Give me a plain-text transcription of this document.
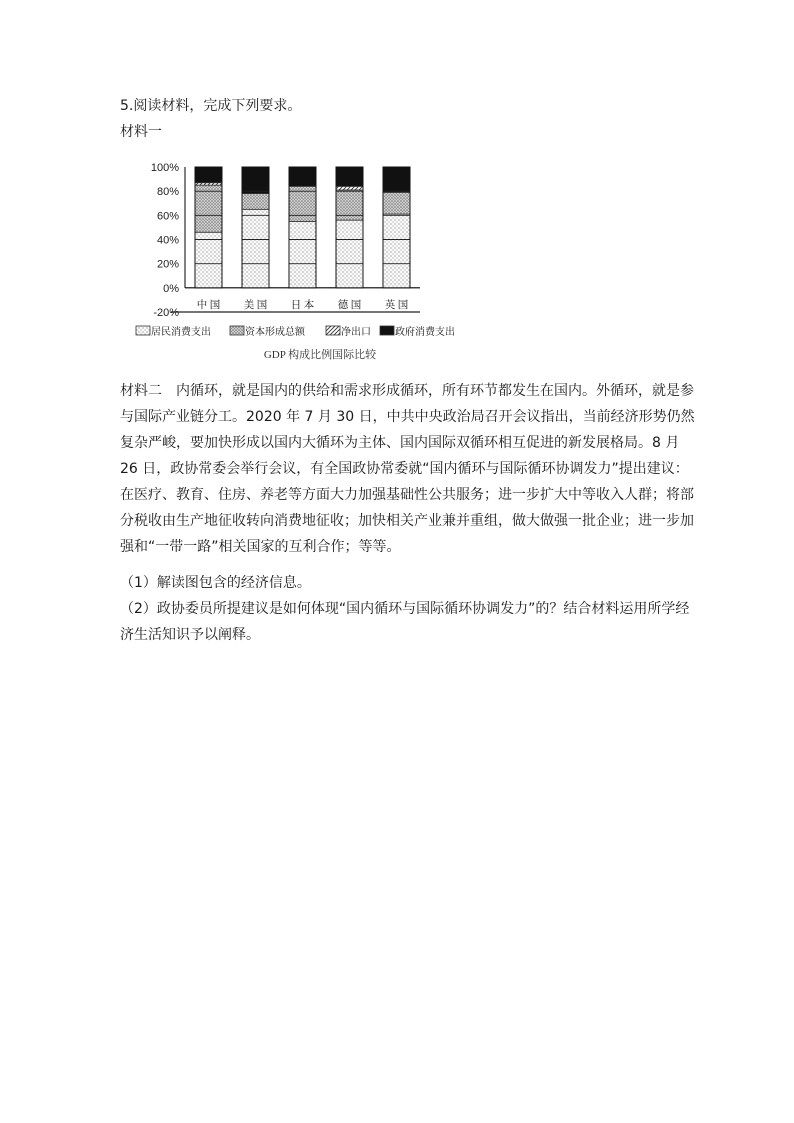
5.阅读材料，完成下列要求。
材料一
100%
80%
60%
40%
20%
0%
-20%
中 国 美 国 日 本 德 国 英 国
居民消费支出	资本形成总额	净出口 政府消费支出
GDP 构成比例国际比较
材料二　内循环，就是国内的供给和需求形成循环，所有环节都发生在国内。外循环，就是参与国际产业链分工。2020 年 7 月 30 日，中共中央政治局召开会议指出，当前经济形势仍然复杂严峻，要加快形成以国内大循环为主体、国内国际双循环相互促进的新发展格局。8 月 26 日，政协常委会举行会议，有全国政协常委就“国内循环与国际循环协调发力”提出建议：在医疗、教育、住房、养老等方面大力加强基础性公共服务；进一步扩大中等收入人群；将部分税收由生产地征收转向消费地征收；加快相关产业兼并重组，做大做强一批企业；进一步加强和“一带一路”相关国家的互利合作；等等。
（1）解读图包含的经济信息。
（2）政协委员所提建议是如何体现“国内循环与国际循环协调发力”的？结合材料运用所学经济生活知识予以阐释。
